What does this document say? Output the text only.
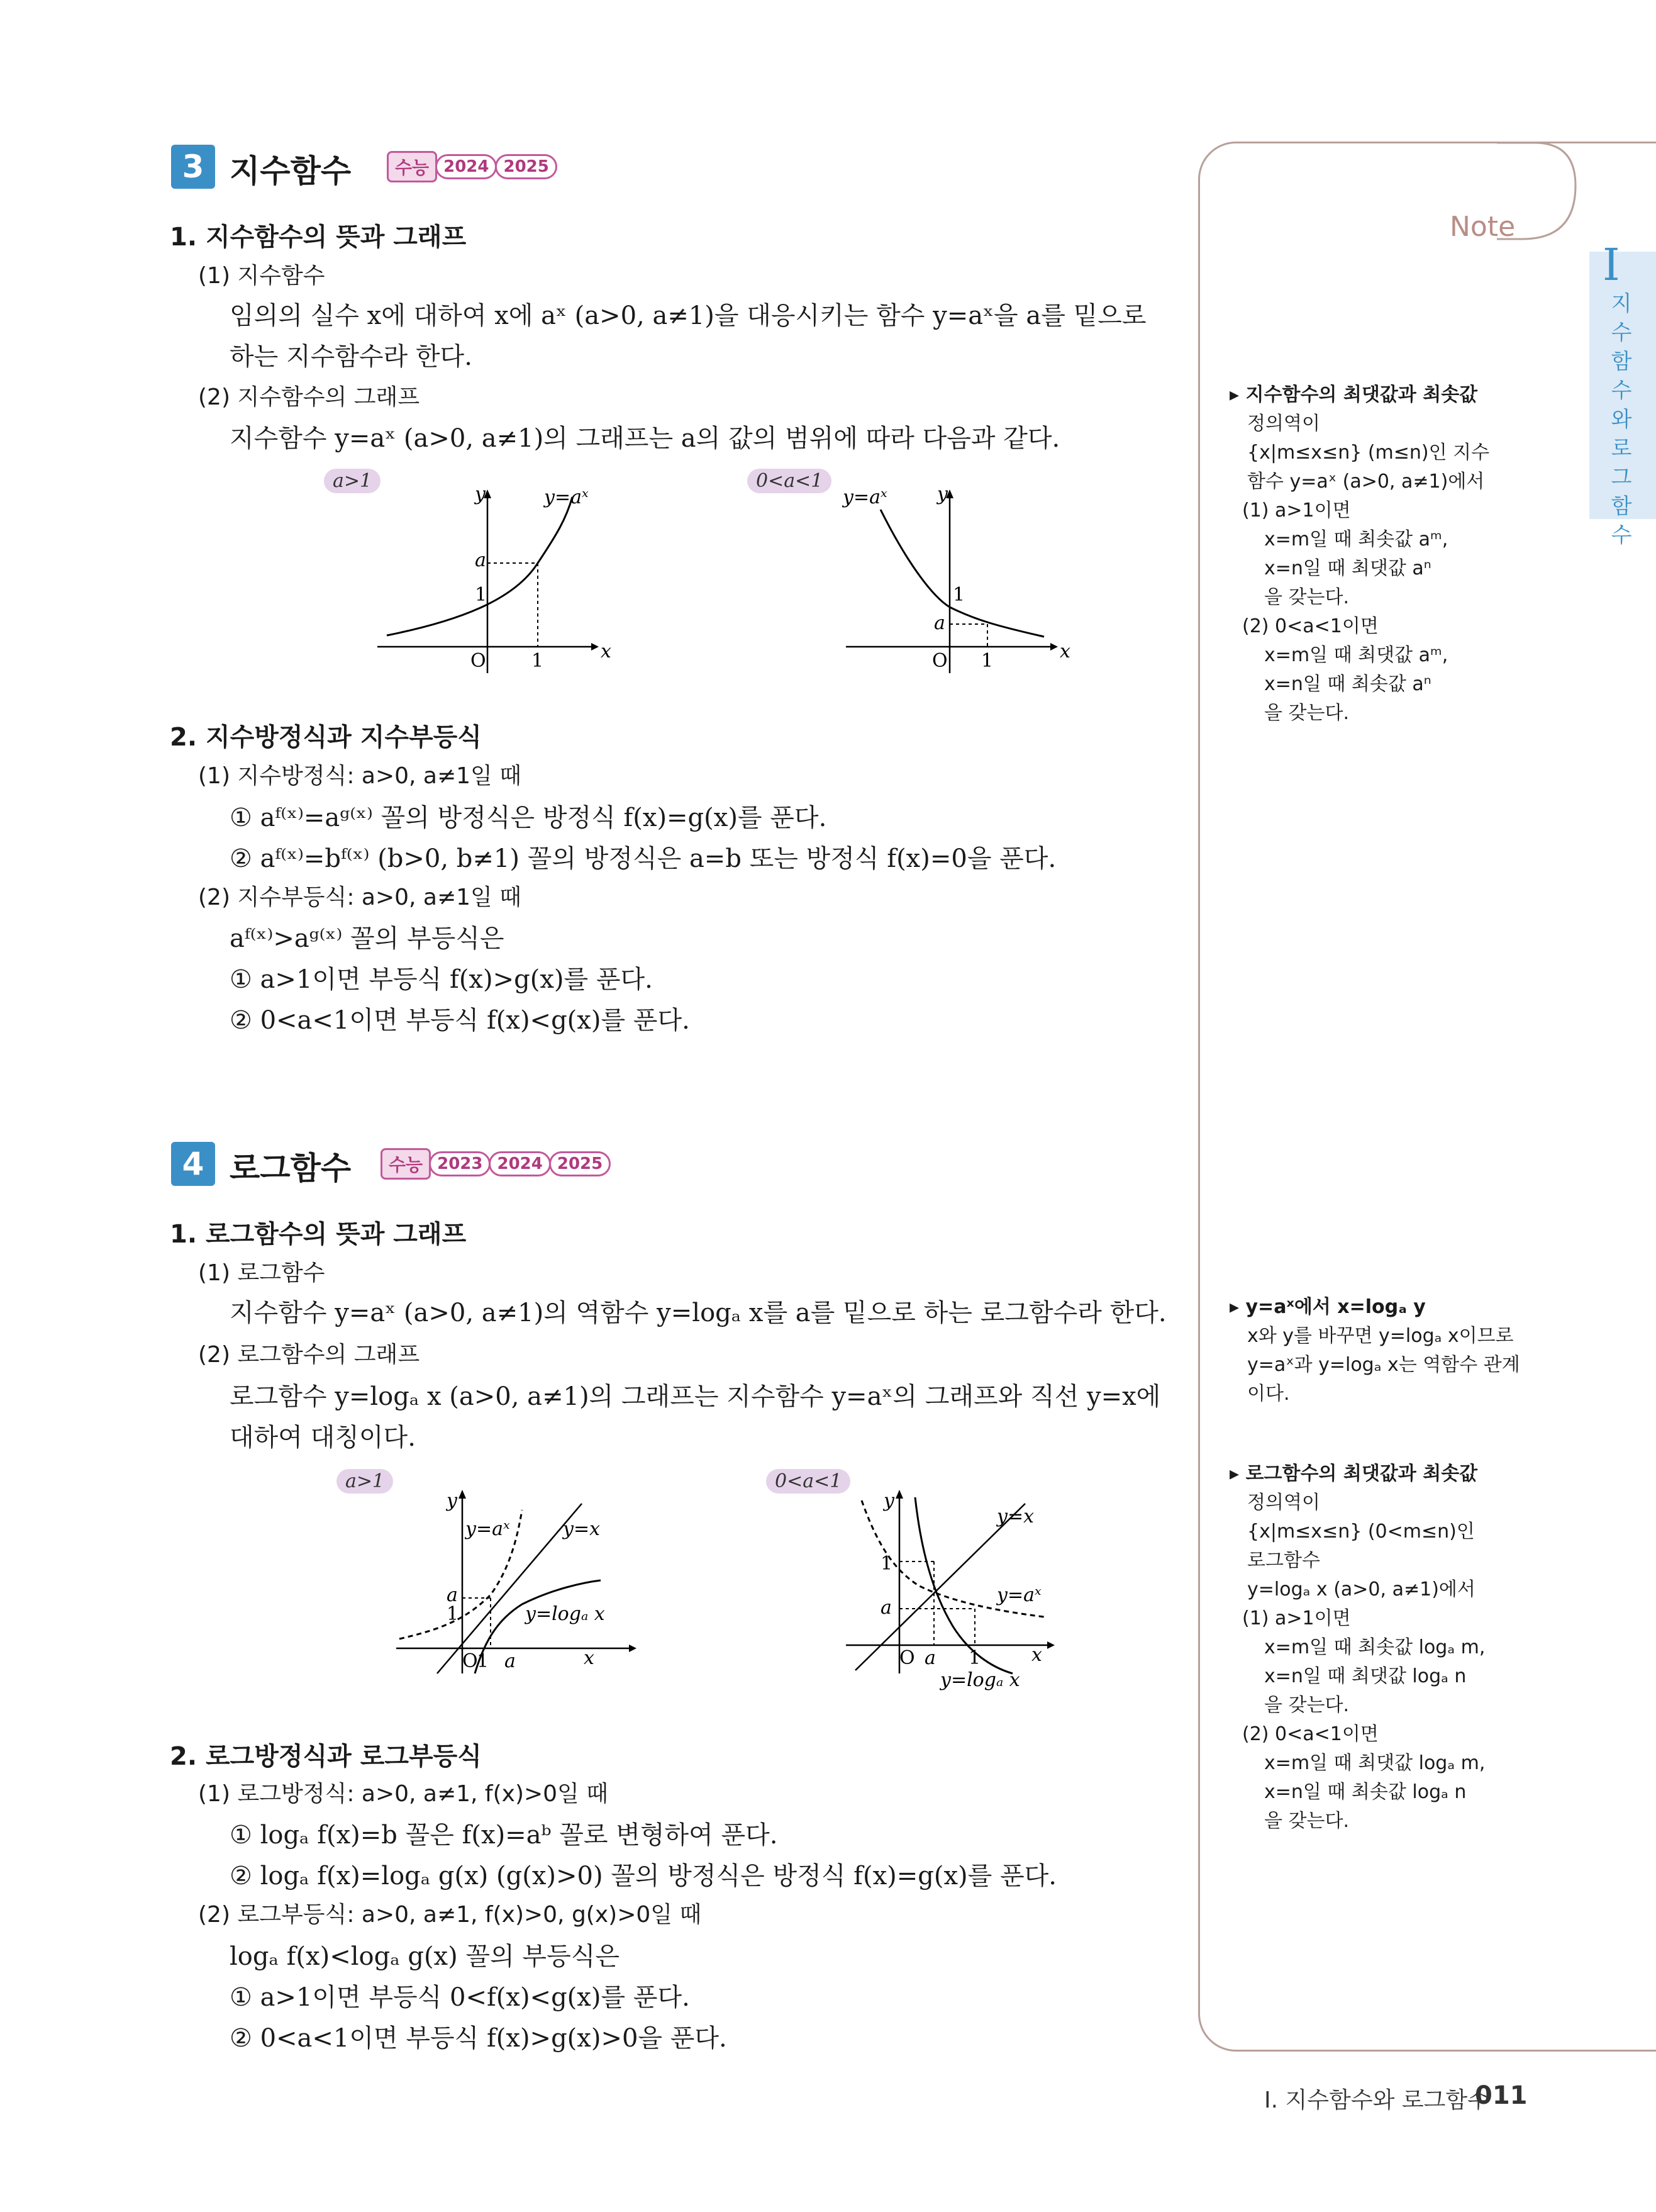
3 지수함수	수능 2024 2025
1. 지수함수의 뜻과 그래프
(1) 지수함수
임의의 실수 x에 대하여 x에 aˣ (a>0, a≠1)을 대응시키는 함수 y=aˣ을 a를 밑으로
하는 지수함수라 한다.
(2) 지수함수의 그래프
지수함수 y=aˣ (a>0, a≠1)의 그래프는 a의 값의 범위에 따라 다음과 같다.
a>1	0<a<1
x
y
O 1
a
1
y=aˣ
x
y
O 1
a
1
y=aˣ
2. 지수방정식과 지수부등식
(1) 지수방정식: a>0, a≠1일 때
① aᶠ⁽ˣ⁾=aᵍ⁽ˣ⁾ 꼴의 방정식은 방정식 f(x)=g(x)를 푼다.
② aᶠ⁽ˣ⁾=bᶠ⁽ˣ⁾ (b>0, b≠1) 꼴의 방정식은 a=b 또는 방정식 f(x)=0을 푼다.
(2) 지수부등식: a>0, a≠1일 때
aᶠ⁽ˣ⁾>aᵍ⁽ˣ⁾ 꼴의 부등식은
① a>1이면 부등식 f(x)>g(x)를 푼다.
② 0<a<1이면 부등식 f(x)<g(x)를 푼다.
4 로그함수	수능 2023 2024 2025
1. 로그함수의 뜻과 그래프
(1) 로그함수
지수함수 y=aˣ (a>0, a≠1)의 역함수 y=logₐ x를 a를 밑으로 하는 로그함수라 한다.
(2) 로그함수의 그래프
로그함수 y=logₐ x (a>0, a≠1)의 그래프는 지수함수 y=aˣ의 그래프와 직선 y=x에
대하여 대칭이다.
a>1	0<a<1
x
y
O
1 a
a
1
y=aˣ	y=x
y=logₐ x
x
y
O a 1
1
a
y=x
y=aˣ
y=logₐ x
2. 로그방정식과 로그부등식
(1) 로그방정식: a>0, a≠1, f(x)>0일 때
① logₐ f(x)=b 꼴은 f(x)=aᵇ 꼴로 변형하여 푼다.
② logₐ f(x)=logₐ g(x) (g(x)>0) 꼴의 방정식은 방정식 f(x)=g(x)를 푼다.
(2) 로그부등식: a>0, a≠1, f(x)>0, g(x)>0일 때
logₐ f(x)<logₐ g(x) 꼴의 부등식은
① a>1이면 부등식 0<f(x)<g(x)를 푼다.
② 0<a<1이면 부등식 f(x)>g(x)>0을 푼다.
Note
I
지
수
함
수
와
로
그
함
수
▸ 지수함수의 최댓값과 최솟값
정의역이
{x|m≤x≤n} (m≤n)인 지수
함수 y=aˣ (a>0, a≠1)에서
(1) a>1이면
x=m일 때 최솟값 aᵐ,
x=n일 때 최댓값 aⁿ
을 갖는다.
(2) 0<a<1이면
x=m일 때 최댓값 aᵐ,
x=n일 때 최솟값 aⁿ
을 갖는다.
▸ y=aˣ에서 x=logₐ y
x와 y를 바꾸면 y=logₐ x이므로
y=aˣ과 y=logₐ x는 역함수 관계
이다.
▸ 로그함수의 최댓값과 최솟값
정의역이
{x|m≤x≤n} (0<m≤n)인
로그함수
y=logₐ x (a>0, a≠1)에서
(1) a>1이면
x=m일 때 최솟값 logₐ m,
x=n일 때 최댓값 logₐ n
을 갖는다.
(2) 0<a<1이면
x=m일 때 최댓값 logₐ m,
x=n일 때 최솟값 logₐ n
을 갖는다.
I. 지수함수와 로그함수
011
